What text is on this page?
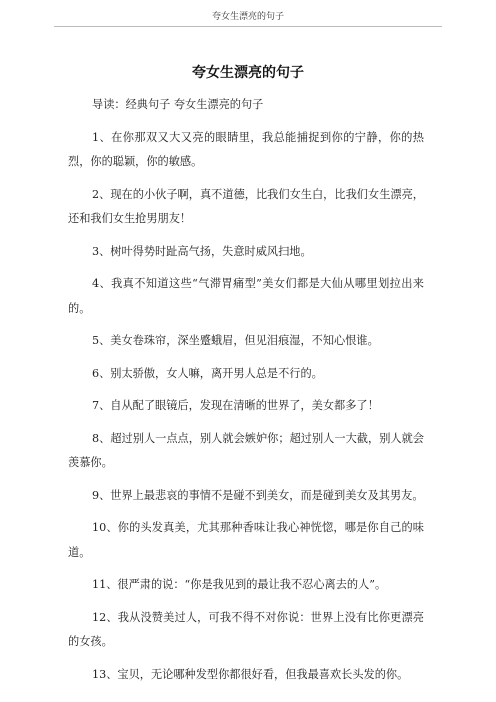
夸女生漂亮的句子
夸女生漂亮的句子

导读：经典句子 夸女生漂亮的句子

1、在你那双又大又亮的眼睛里，我总能捕捉到你的宁静，你的热烈，你的聪颖，你的敏感。

2、现在的小伙子啊，真不道德，比我们女生白，比我们女生漂亮，还和我们女生抢男朋友！

3、树叶得势时趾高气扬，失意时威风扫地。

4、我真不知道这些“气滞胃痛型”美女们都是大仙从哪里划拉出来的。

5、美女卷珠帘，深坐蹙蛾眉，但见泪痕湿，不知心恨谁。

6、别太骄傲，女人嘛，离开男人总是不行的。

7、自从配了眼镜后，发现在清晰的世界了，美女都多了！

8、超过别人一点点，别人就会嫉妒你；超过别人一大截，别人就会羡慕你。

9、世界上最悲哀的事情不是碰不到美女，而是碰到美女及其男友。

10、你的头发真美，尤其那种香味让我心神恍惚，哪是你自己的味道。

11、很严肃的说：“你是我见到的最让我不忍心离去的人”。

12、我从没赞美过人，可我不得不对你说：世界上没有比你更漂亮的女孩。

13、宝贝，无论哪种发型你都很好看，但我最喜欢长头发的你。
